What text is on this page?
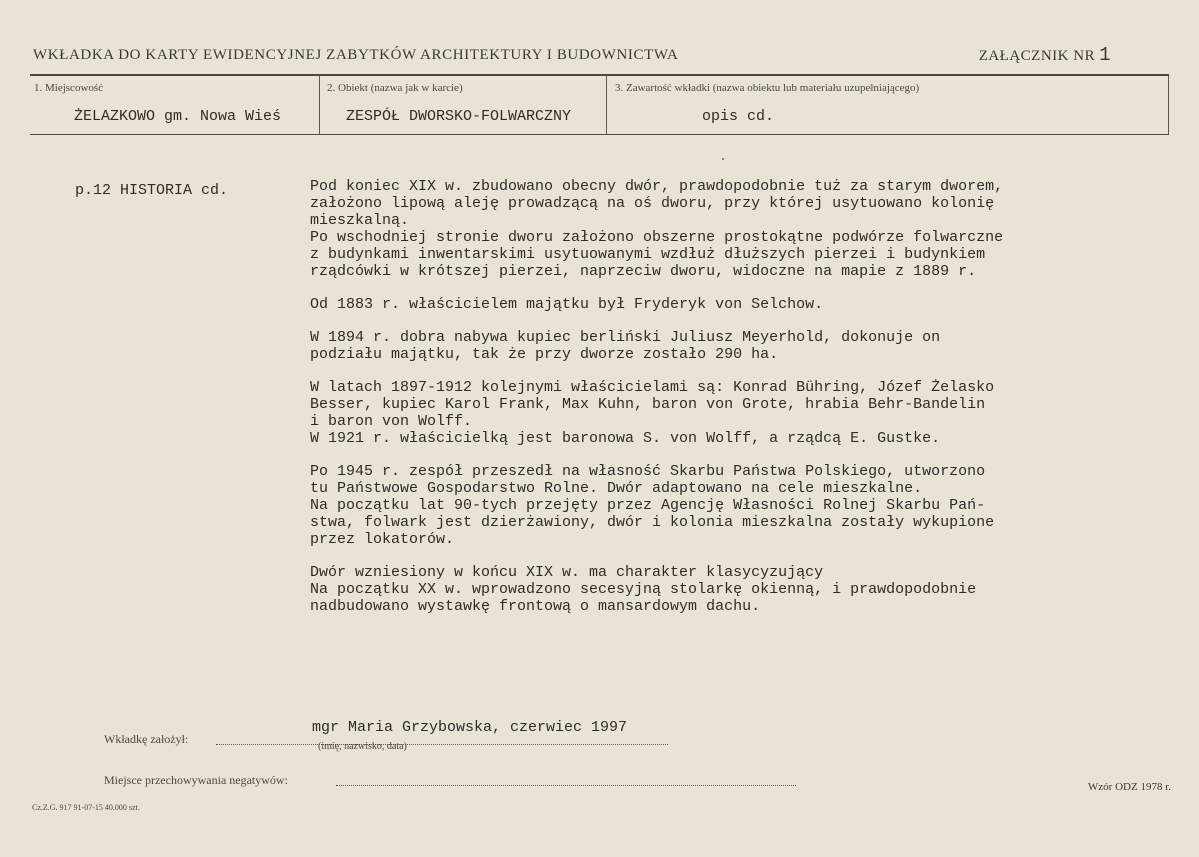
WKŁADKA DO KARTY EWIDENCYJNEJ ZABYTKÓW ARCHITEKTURY I BUDOWNICTWA	ZAŁĄCZNIK NR 1
1. Miejscowość
ŻELAZKOWO gm. Nowa Wieś
2. Obiekt (nazwa jak w karcie)
ZESPÓŁ DWORSKO-FOLWARCZNY
3. Zawartość wkładki (nazwa obiektu lub materiału uzupełniającego)
opis cd.
p.12 HISTORIA cd.	Pod koniec XIX w. zbudowano obecny dwór, prawdopodobnie tuż za starym dworem,
założono lipową aleję prowadzącą na oś dworu, przy której usytuowano kolonię
mieszkalną.
Po wschodniej stronie dworu założono obszerne prostokątne podwórze folwarczne
z budynkami inwentarskimi usytuowanymi wzdłuż dłuższych pierzei i budynkiem
rządcówki w krótszej pierzei, naprzeciw dworu, widoczne na mapie z 1889 r.

Od 1883 r. właścicielem majątku był Fryderyk von Selchow.

W 1894 r. dobra nabywa kupiec berliński Juliusz Meyerhold, dokonuje on
podziału majątku, tak że przy dworze zostało 290 ha.

W latach 1897-1912 kolejnymi właścicielami są: Konrad Bühring, Józef Żelasko
Besser, kupiec Karol Frank, Max Kuhn, baron von Grote, hrabia Behr-Bandelin
i baron von Wolff.
W 1921 r. właścicielką jest baronowa S. von Wolff, a rządcą E. Gustke.

Po 1945 r. zespół przeszedł na własność Skarbu Państwa Polskiego, utworzono
tu Państwowe Gospodarstwo Rolne. Dwór adaptowano na cele mieszkalne.
Na początku lat 90-tych przejęty przez Agencję Własności Rolnej Skarbu Pań-
stwa, folwark jest dzierżawiony, dwór i kolonia mieszkalna zostały wykupione
przez lokatorów.

Dwór wzniesiony w końcu XIX w. ma charakter klasycyzujący
Na początku XX w. wprowadzono secesyjną stolarkę okienną, i prawdopodobnie
nadbudowano wystawkę frontową o mansardowym dachu.

Wkładkę założył:
mgr Maria Grzybowska, czerwiec 1997
(imię, nazwisko, data)
Miejsce przechowywania negatywów:	Wzór ODZ 1978 r.
Cz.Z.G. 917 91-07-15 40.000 szt.
